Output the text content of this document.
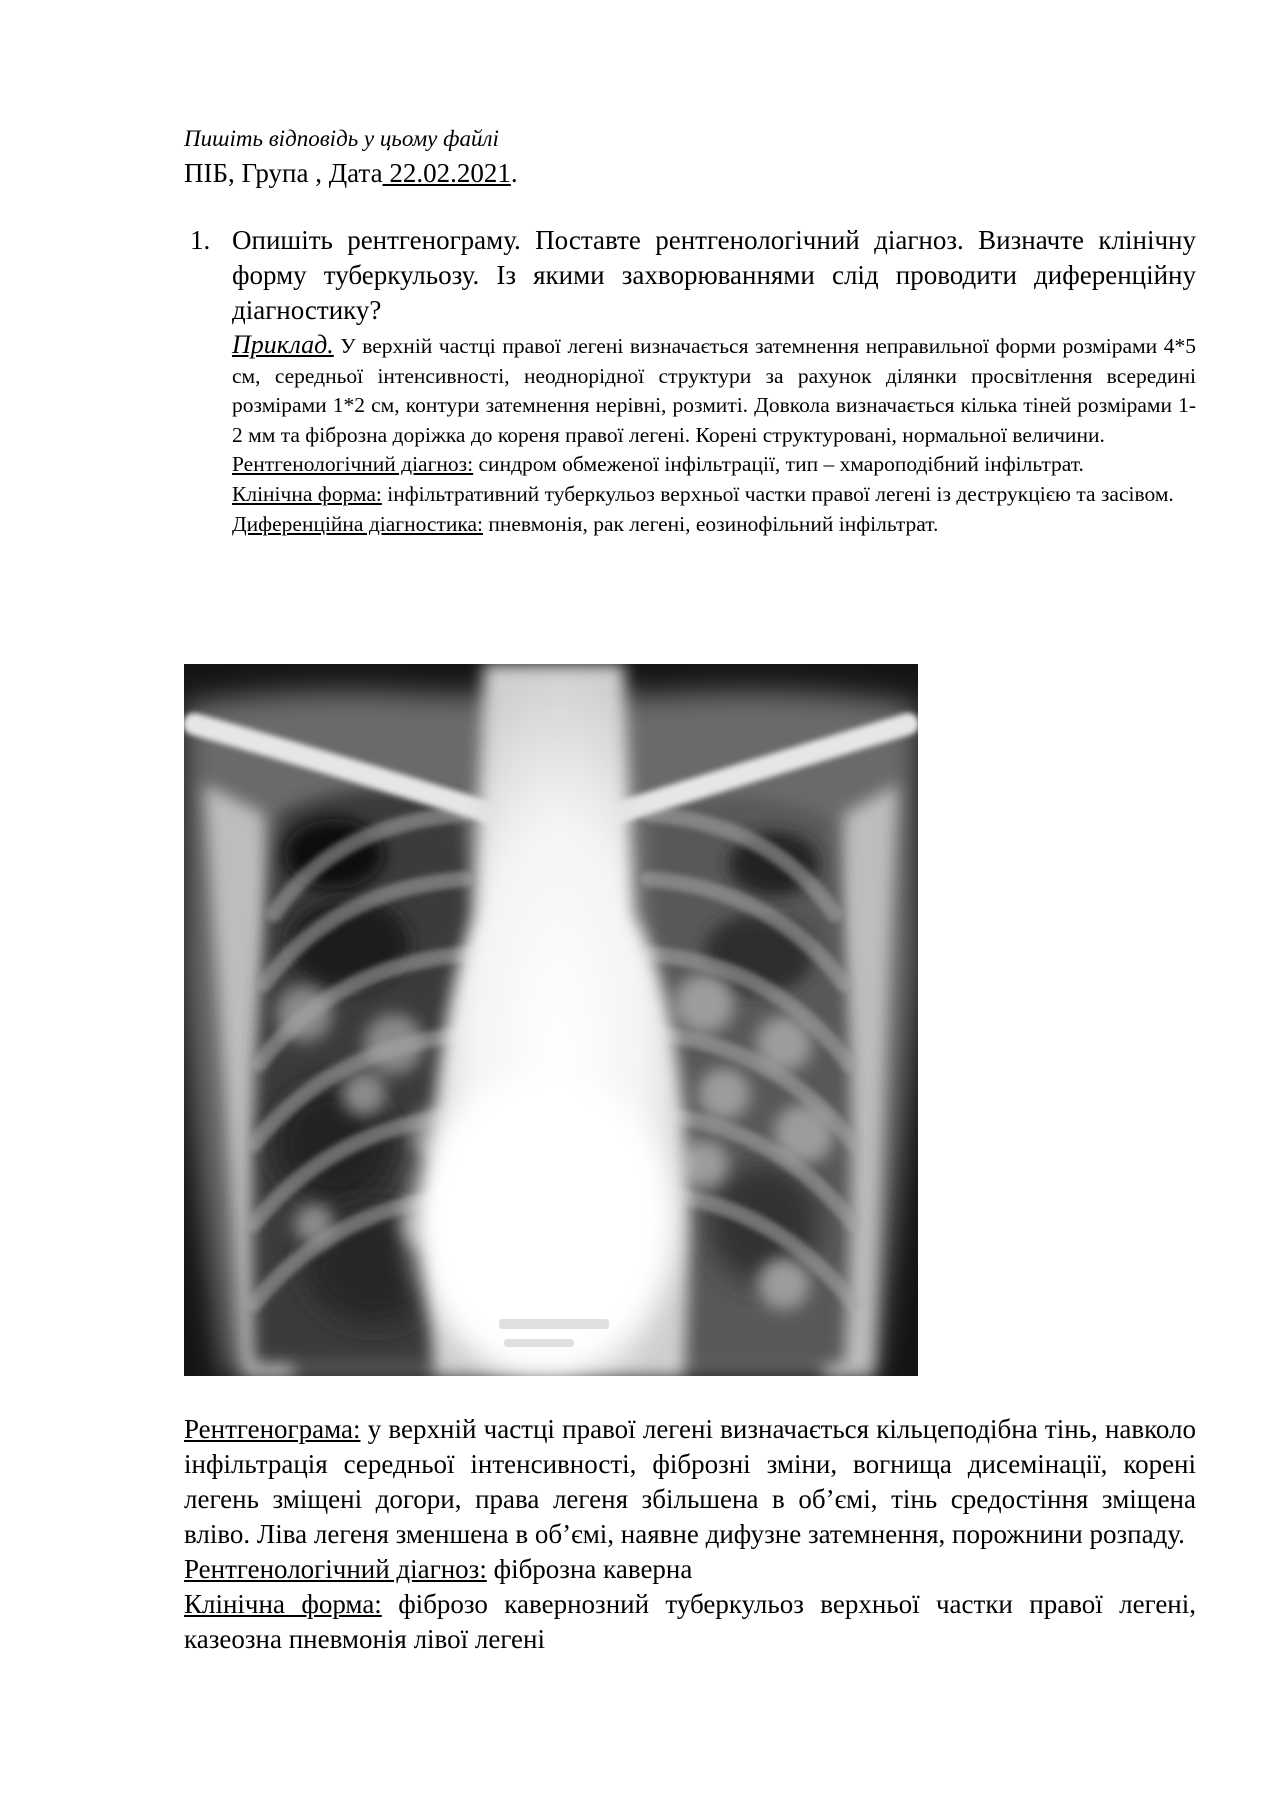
Пишіть відповідь у цьому файлі
ПІБ, Група , Дата 22.02.2021.
1. Опишіть рентгенограму. Поставте рентгенологічний діагноз. Визначте клінічну форму туберкульозу. Із якими захворюваннями слід проводити диференційну діагностику?

Приклад. У верхній частці правої легені визначається затемнення неправильної форми розмірами 4*5 см, середньої інтенсивності, неоднорідної структури за рахунок ділянки просвітлення всередині розмірами 1*2 см, контури затемнення нерівні, розмиті. Довкола визначається кілька тіней розмірами 1-2 мм та фіброзна доріжка до кореня правої легені. Корені структуровані, нормальної величини.

Рентгенологічний діагноз: синдром обмеженої інфільтрації, тип – хмароподібний інфільтрат.

Клінічна форма: інфільтративний туберкульоз верхньої частки правої легені із деструкцією та засівом.

Диференційна діагностика: пневмонія, рак легені, еозинофільний інфільтрат.

Рентгенограма: у верхній частці правої легені визначається кільцеподібна тінь, навколо інфільтрація середньої інтенсивності, фіброзні зміни, вогнища дисемінації, корені легень зміщені догори, права легеня збільшена в об’ємі, тінь средостіння зміщена вліво. Ліва легеня зменшена в об’ємі, наявне дифузне затемнення, порожнини розпаду.

Рентгенологічний діагноз: фіброзна каверна

Клінічна форма: фіброзо кавернозний туберкульоз верхньої частки правої легені, казеозна пневмонія лівої легені
